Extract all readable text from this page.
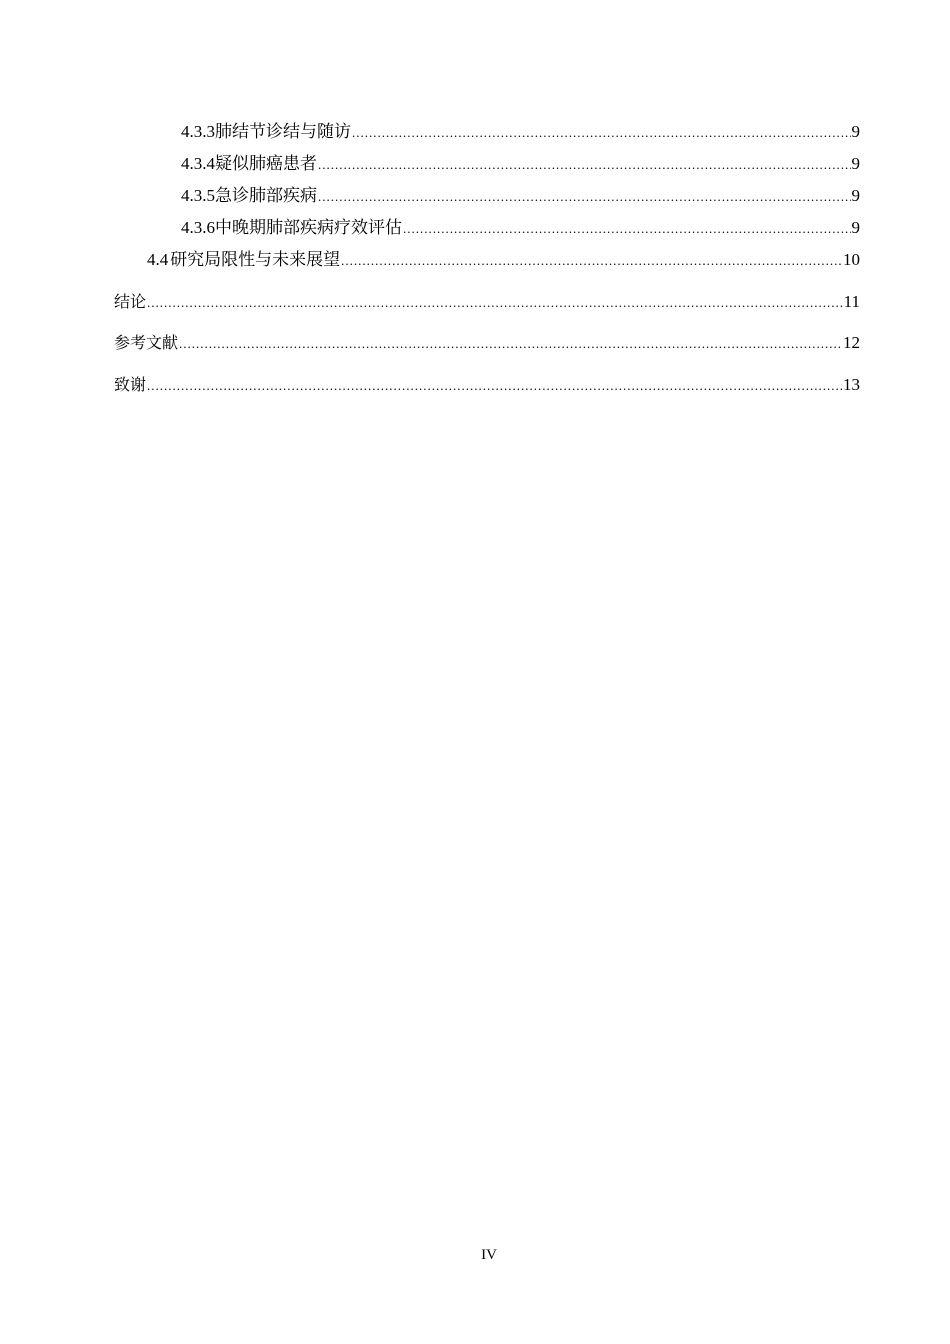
4.3.3 肺结节诊结与随访 .....	9
4.3.4 疑似肺癌患者 .....	9
4.3.5 急诊肺部疾病 .....	9
4.3.6 中晚期肺部疾病疗效评估 .....	9
4.4 研究局限性与未来展望 .....	10
结论 .....	11
参考文献 .....	12
致谢 .....	13
IV
